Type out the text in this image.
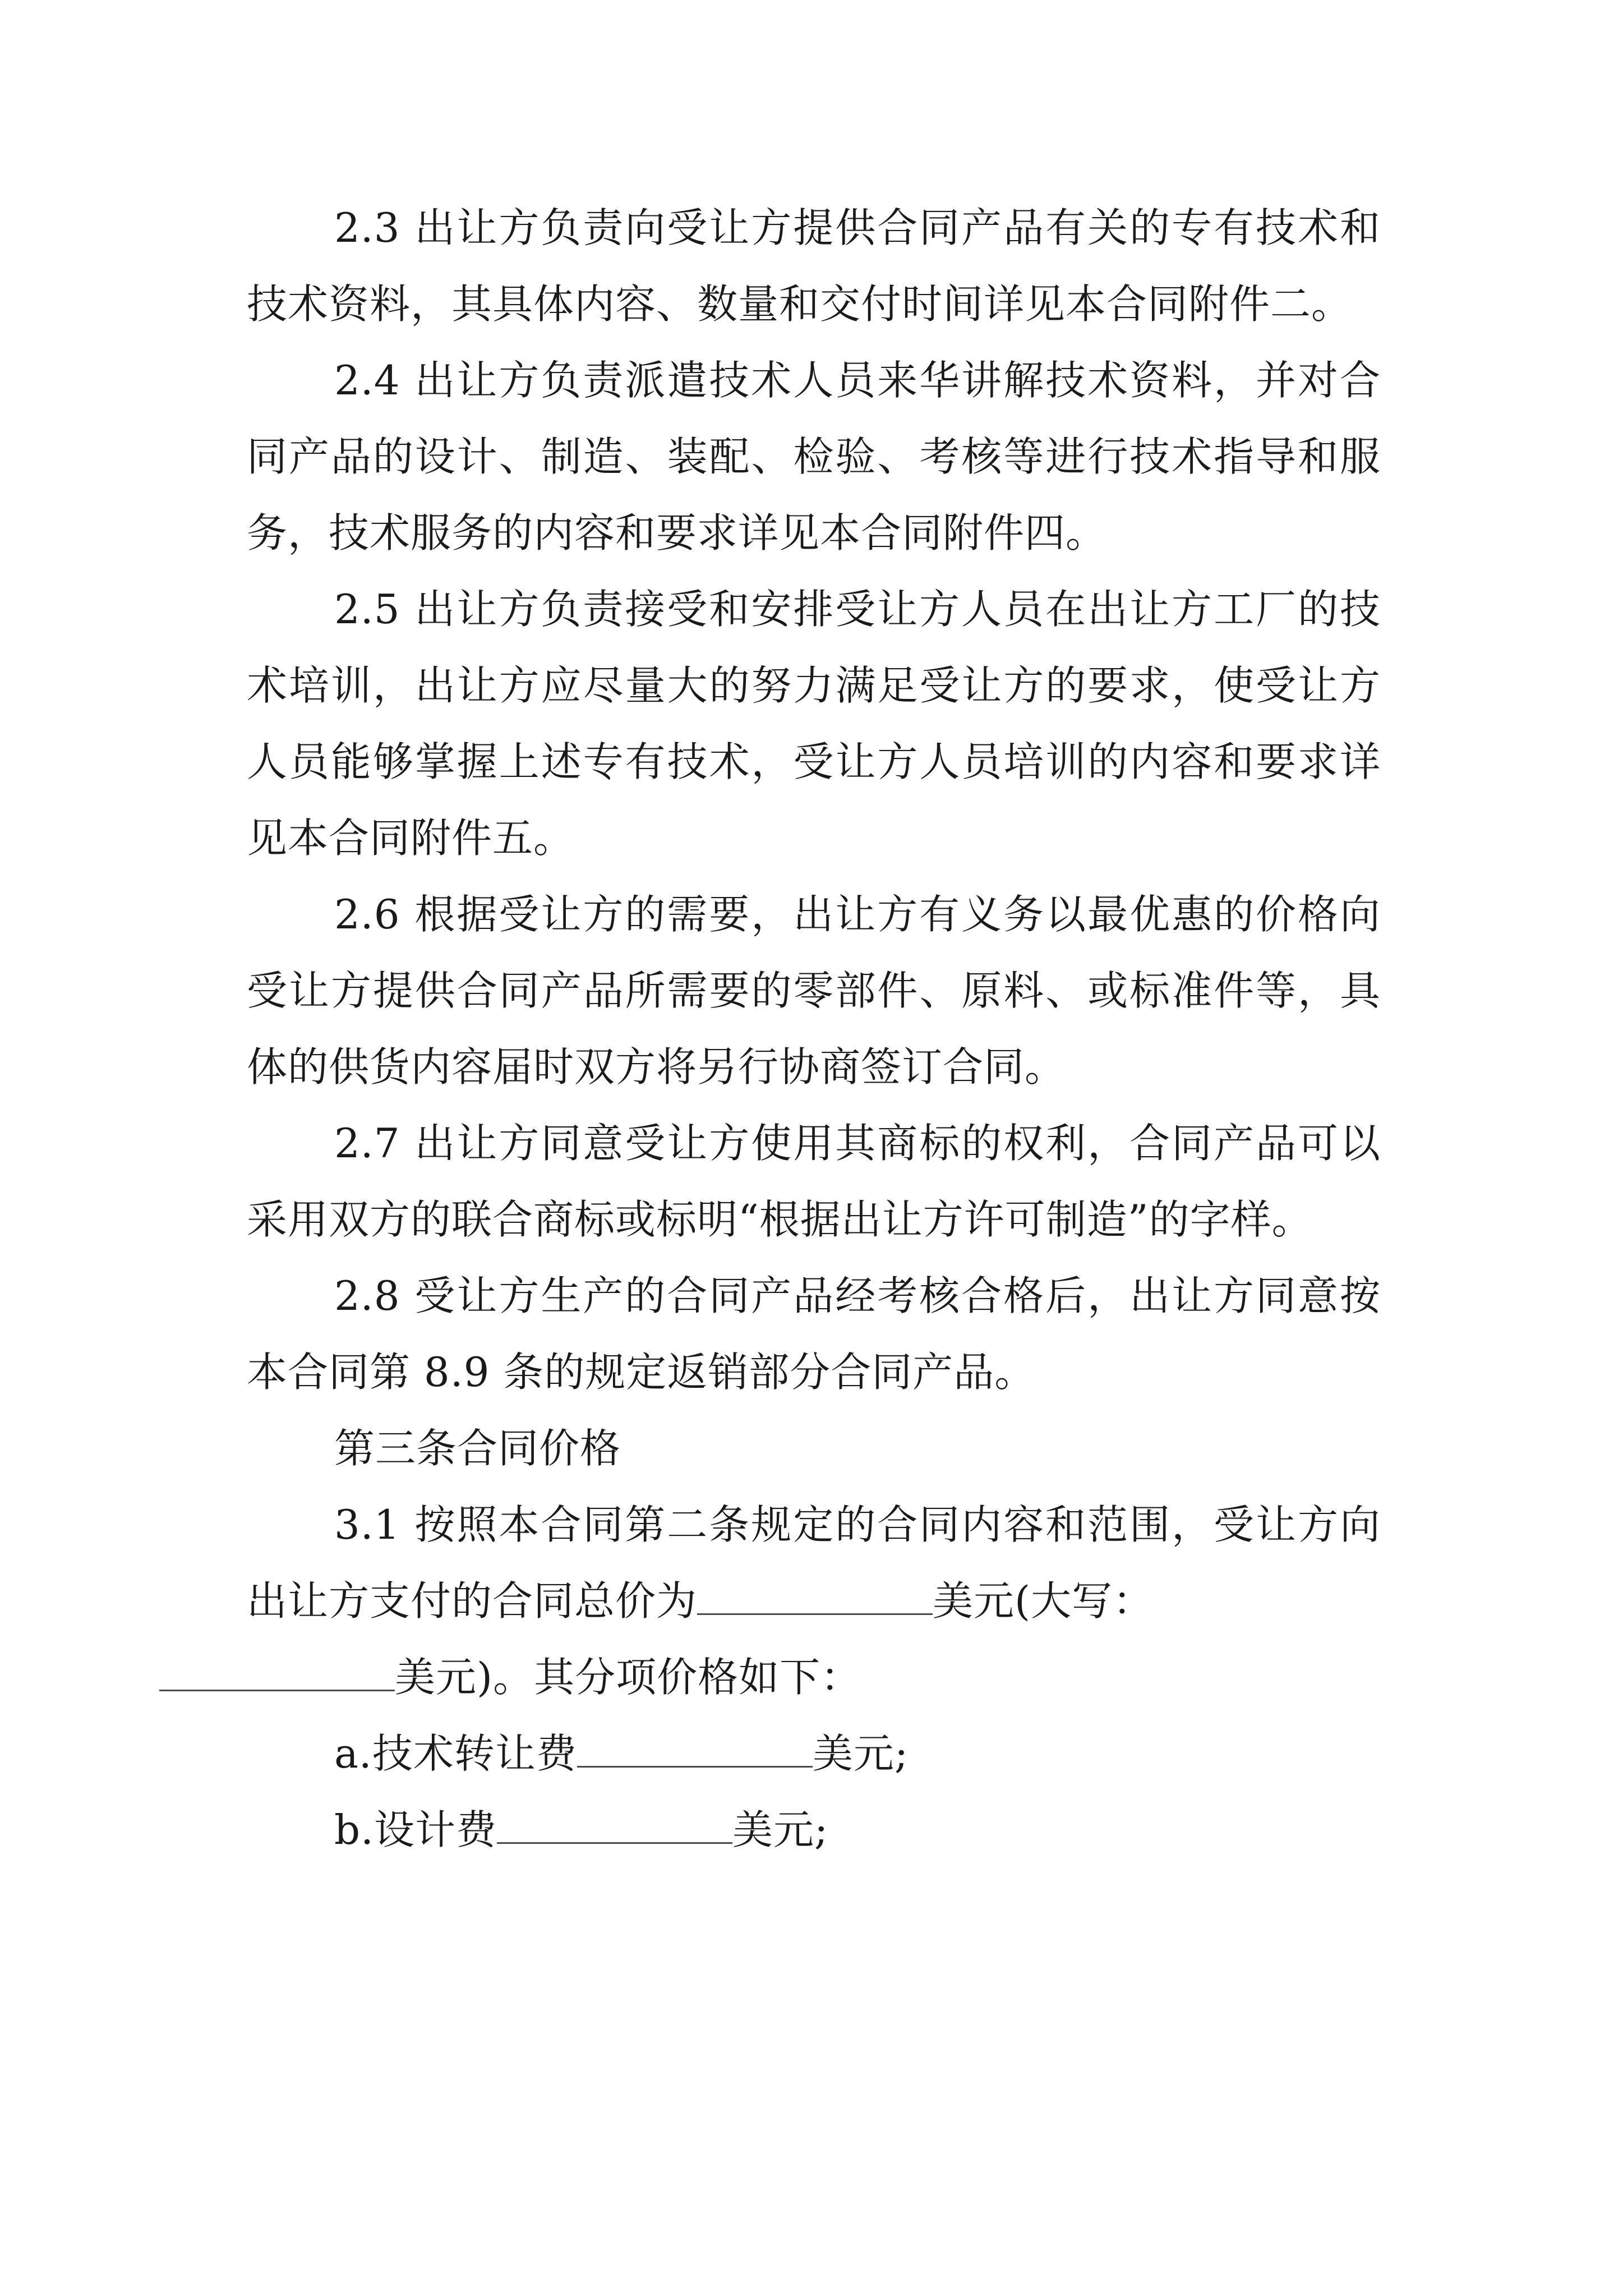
2.3 出让方负责向受让方提供合同产品有关的专有技术和技术资料，其具体内容、数量和交付时间详见本合同附件二。

2.4 出让方负责派遣技术人员来华讲解技术资料，并对合同产品的设计、制造、装配、检验、考核等进行技术指导和服务，技术服务的内容和要求详见本合同附件四。

2.5 出让方负责接受和安排受让方人员在出让方工厂的技术培训，出让方应尽量大的努力满足受让方的要求，使受让方人员能够掌握上述专有技术，受让方人员培训的内容和要求详见本合同附件五。

2.6 根据受让方的需要，出让方有义务以最优惠的价格向受让方提供合同产品所需要的零部件、原料、或标准件等，具体的供货内容届时双方将另行协商签订合同。

2.7 出让方同意受让方使用其商标的权利，合同产品可以采用双方的联合商标或标明“根据出让方许可制造”的字样。

2.8 受让方生产的合同产品经考核合格后，出让方同意按本合同第 8.9 条的规定返销部分合同产品。

第三条合同价格

3.1 按照本合同第二条规定的合同内容和范围，受让方向出让方支付的合同总价为	美元(大写：
美元)。其分项价格如下：

a.技术转让费	美元;

b.设计费	美元;
